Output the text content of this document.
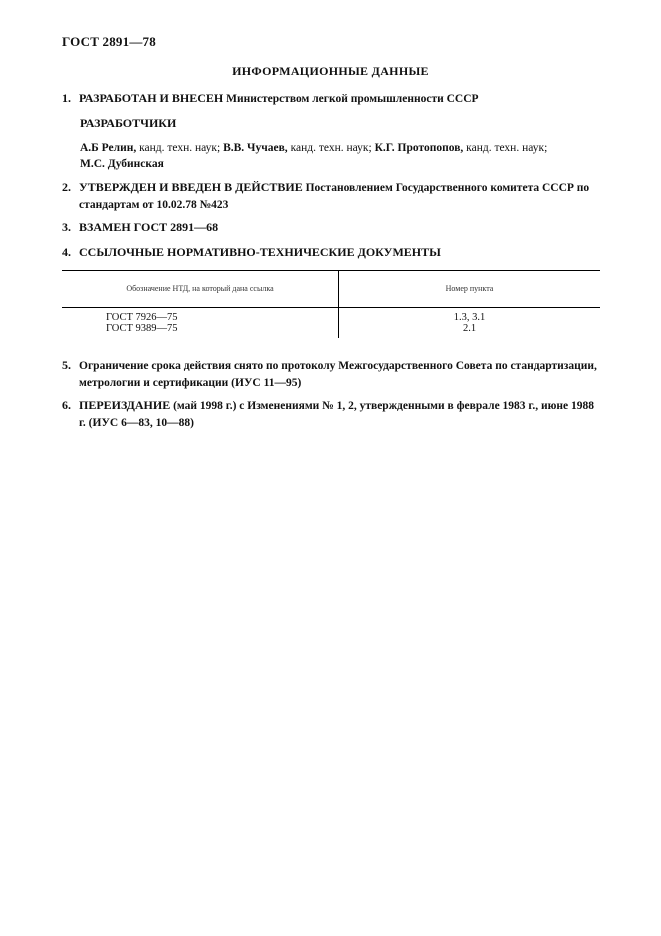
ГОСТ 2891—78
ИНФОРМАЦИОННЫЕ ДАННЫЕ
1. РАЗРАБОТАН И ВНЕСЕН Министерством легкой промышленности СССР
РАЗРАБОТЧИКИ
А.Б Релин, канд. техн. наук; В.В. Чучаев, канд. техн. наук; К.Г. Протопопов, канд. техн. наук;
М.С. Дубинская
2. УТВЕРЖДЕН И ВВЕДЕН В ДЕЙСТВИЕ Постановлением Государственного комитета СССР по стандартам от 10.02.78 №423
3. ВЗАМЕН ГОСТ 2891—68
4. ССЫЛОЧНЫЕ НОРМАТИВНО-ТЕХНИЧЕСКИЕ ДОКУМЕНТЫ
Обозначение НТД, на который дана ссылка	Номер пункта
ГОСТ 7926—75	1.3, 3.1
ГОСТ 9389—75	2.1
5. Ограничение срока действия снято по протоколу Межгосударственного Совета по стандартизации, метрологии и сертификации (ИУС 11—95)
6. ПЕРЕИЗДАНИЕ (май 1998 г.) с Изменениями № 1, 2, утвержденными в феврале 1983 г., июне 1988 г. (ИУС 6—83, 10—88)
